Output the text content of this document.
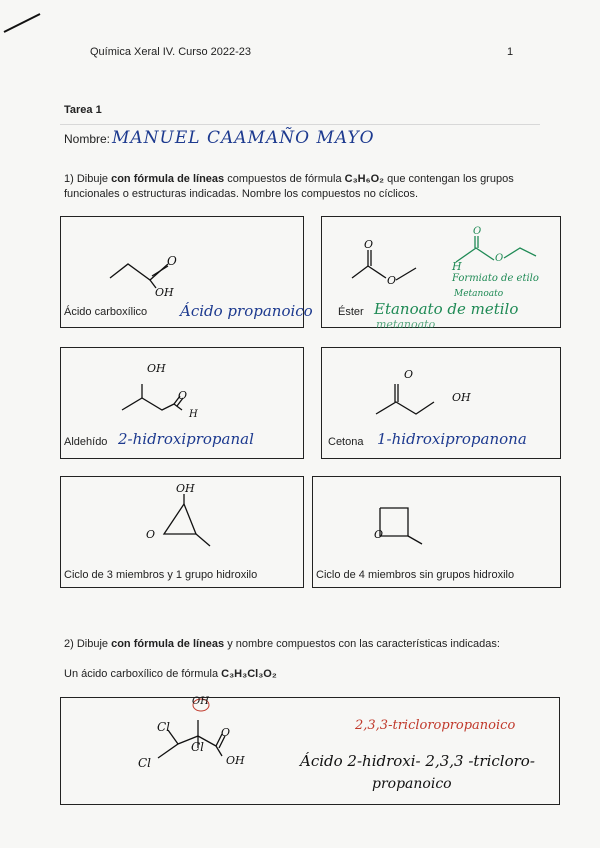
Química Xeral IV. Curso 2022-23	1
Tarea 1
Nombre: MANUEL CAAMAÑO MAYO
1) Dibuje con fórmula de líneas compuestos de fórmula C₃H₆O₂ que contengan los grupos funcionales o estructuras indicadas. Nombre los compuestos no cíclicos.
O
OH
Ácido carboxílico Ácido propanoico
O
O
H
O
O
Formiato de etilo
Metanoato
Éster Etanoato de metilo
metanoato
OH
O
H
Aldehído 2-hidroxipropanal
O
OH
Cetona 1-hidroxipropanona
OH
O
Ciclo de 3 miembros y 1 grupo hidroxilo
O
Ciclo de 4 miembros sin grupos hidroxilo
2) Dibuje con fórmula de líneas y nombre compuestos con las características indicadas:
Un ácido carboxílico de fórmula C₃H₃Cl₃O₂
OH
Cl
Cl
Cl
O
OH
2,3,3-tricloropropanoico
Ácido 2-hidroxi- 2,3,3 -tricloro-
propanoico
